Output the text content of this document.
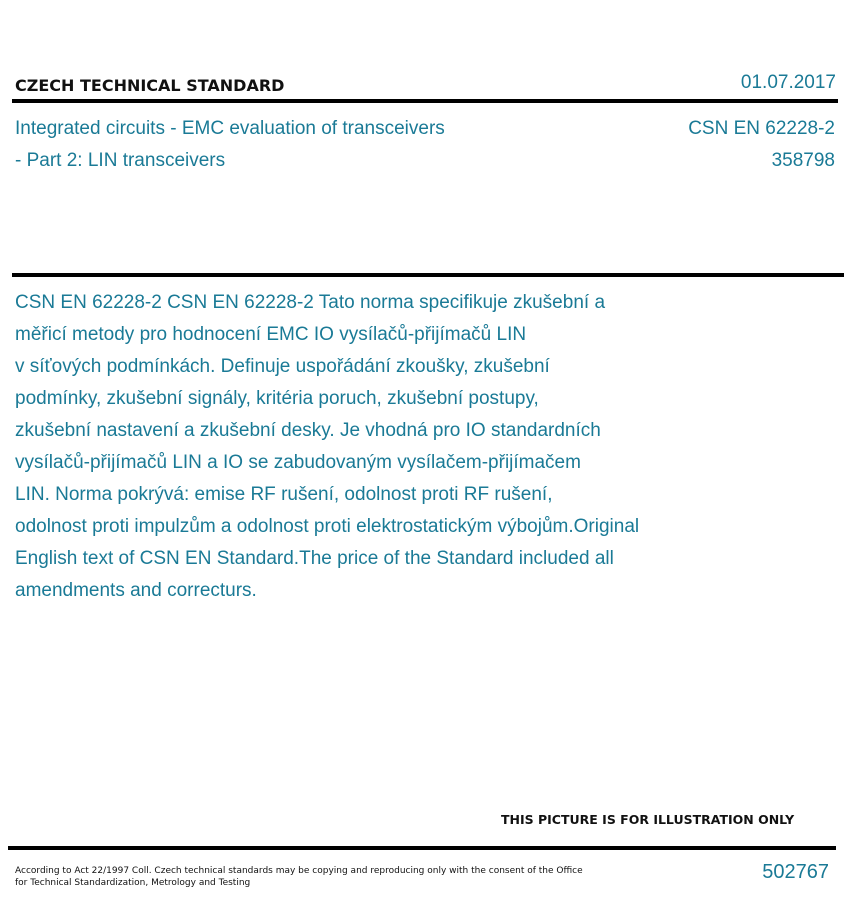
CZECH TECHNICAL STANDARD	01.07.2017
Integrated circuits - EMC evaluation of transceivers
- Part 2: LIN transceivers
CSN EN 62228-2
358798
CSN EN 62228-2 CSN EN 62228-2 Tato norma specifikuje zkušební a
měřicí metody pro hodnocení EMC IO vysílačů-přijímačů LIN
v síťových podmínkách. Definuje uspořádání zkoušky, zkušební
podmínky, zkušební signály, kritéria poruch, zkušební postupy,
zkušební nastavení a zkušební desky. Je vhodná pro IO standardních
vysílačů-přijímačů LIN a IO se zabudovaným vysílačem-přijímačem
LIN. Norma pokrývá: emise RF rušení, odolnost proti RF rušení,
odolnost proti impulzům a odolnost proti elektrostatickým výbojům.Original
English text of CSN EN Standard.The price of the Standard included all
amendments and correcturs.
THIS PICTURE IS FOR ILLUSTRATION ONLY
According to Act 22/1997 Coll. Czech technical standards may be copying and reproducing only with the consent of the Office
for Technical Standardization, Metrology and Testing	502767
